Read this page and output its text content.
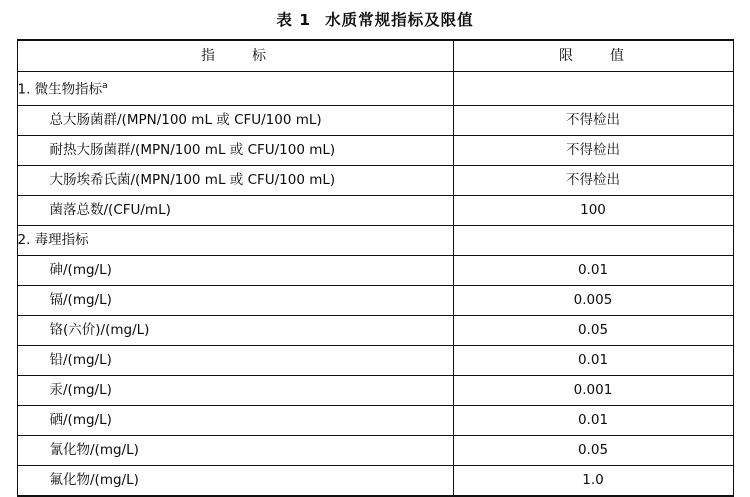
表 1 水质常规指标及限值
指　　标	限　　值
1. 微生物指标$^a$	
总大肠菌群/(MPN/100 mL 或 CFU/100 mL)	不得检出
耐热大肠菌群/(MPN/100 mL 或 CFU/100 mL)	不得检出
大肠埃希氏菌/(MPN/100 mL 或 CFU/100 mL)	不得检出
菌落总数/(CFU/mL)	100
2. 毒理指标	
砷/(mg/L)	0.01
镉/(mg/L)	0.005
铬(六价)/(mg/L)	0.05
铅/(mg/L)	0.01
汞/(mg/L)	0.001
硒/(mg/L)	0.01
氰化物/(mg/L)	0.05
氟化物/(mg/L)	1.0
